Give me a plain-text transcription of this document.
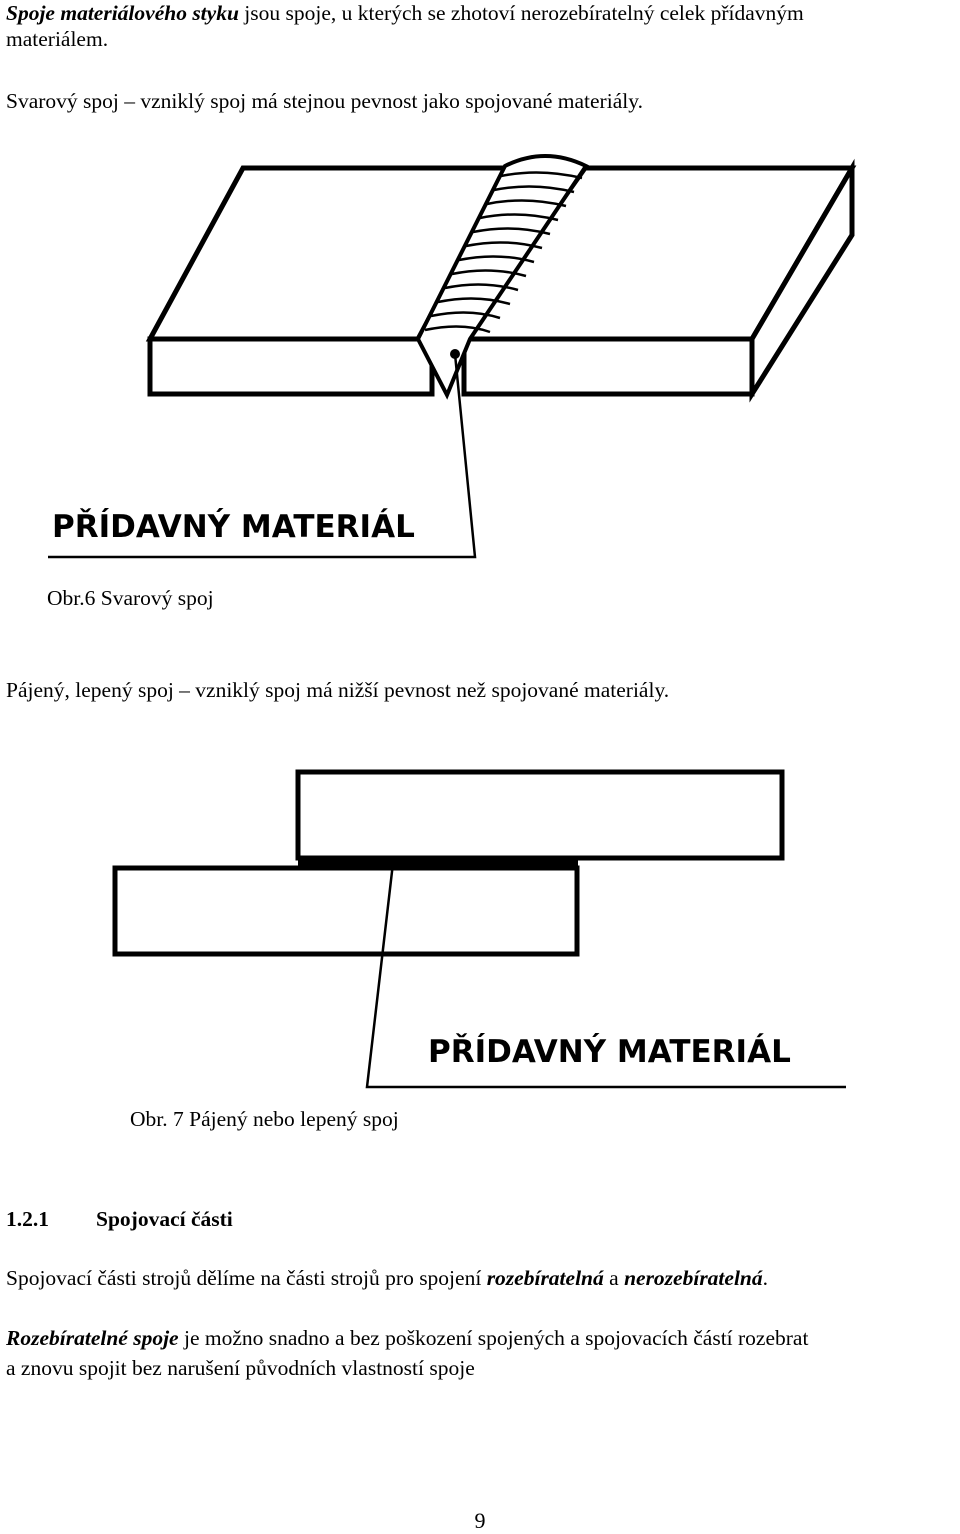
Spoje materiálového styku jsou spoje, u kterých se zhotoví nerozebíratelný celek přídavným
materiálem.
Svarový spoj – vzniklý spoj má stejnou pevnost jako spojované materiály.
PŘÍDAVNÝ MATERIÁL
Obr.6 Svarový spoj
Pájený, lepený spoj – vzniklý spoj má nižší pevnost než spojované materiály.
PŘÍDAVNÝ MATERIÁL
Obr. 7 Pájený nebo lepený spoj
1.2.1 Spojovací části
Spojovací části strojů dělíme na části strojů pro spojení rozebíratelná a nerozebíratelná.
Rozebíratelné spoje je možno snadno a bez poškození spojených a spojovacích částí rozebrat
a znovu spojit bez narušení původních vlastností spoje
9
